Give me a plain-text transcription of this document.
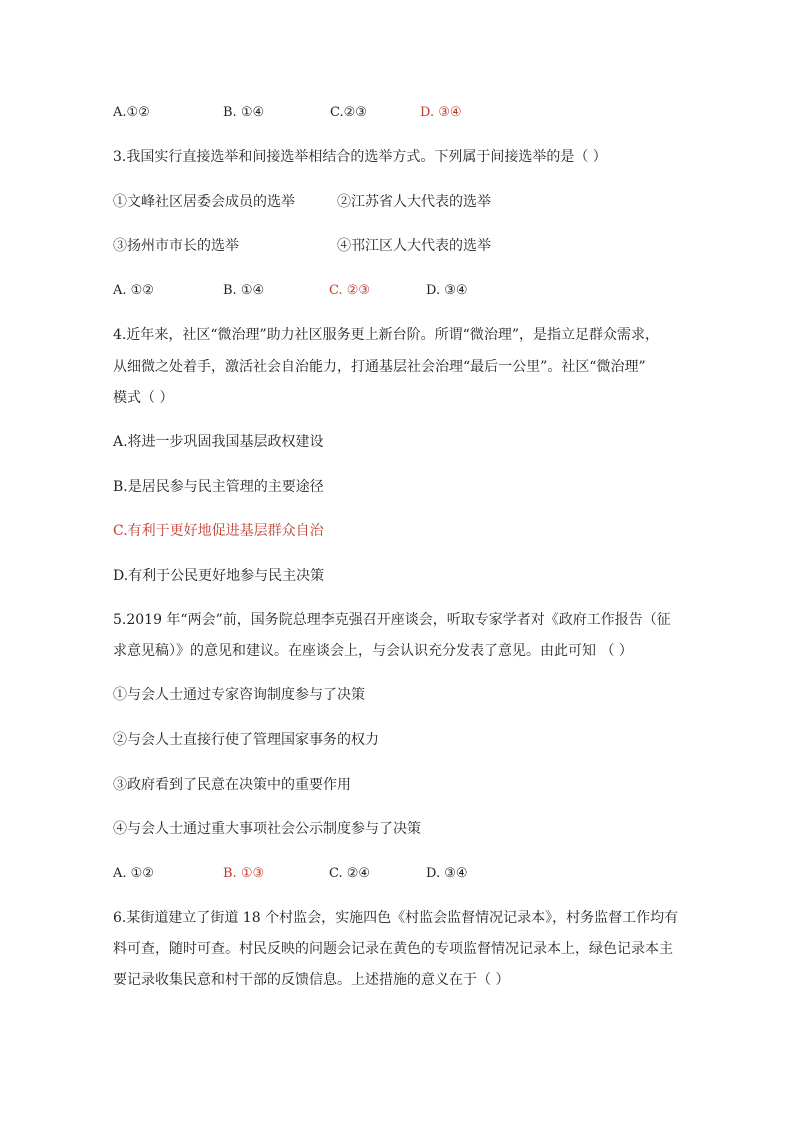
A.①②	B. ①④	C.②③	D. ③④
3.我国实行直接选举和间接选举相结合的选举方式。下列属于间接选举的是（ ）
①文峰社区居委会成员的选举	②江苏省人大代表的选举
③扬州市市长的选举	④邗江区人大代表的选举
A. ①②	B. ①④	C. ②③	D. ③④
4.近年来，社区“微治理”助力社区服务更上新台阶。所谓“微治理”，是指立足群众需求，
从细微之处着手，激活社会自治能力，打通基层社会治理“最后一公里”。社区“微治理”
模式（ ）
A.将进一步巩固我国基层政权建设
B.是居民参与民主管理的主要途径
C.有利于更好地促进基层群众自治
D.有利于公民更好地参与民主决策
5.2019 年“两会”前，国务院总理李克强召开座谈会，听取专家学者对《政府工作报告（征
求意见稿）》的意见和建议。在座谈会上，与会认识充分发表了意见。由此可知 （ ）
①与会人士通过专家咨询制度参与了决策
②与会人士直接行使了管理国家事务的权力
③政府看到了民意在决策中的重要作用
④与会人士通过重大事项社会公示制度参与了决策
A. ①②	B. ①③	C. ②④	D. ③④
6.某街道建立了街道 18 个村监会，实施四色《村监会监督情况记录本》，村务监督工作均有
料可查，随时可查。村民反映的问题会记录在黄色的专项监督情况记录本上，绿色记录本主
要记录收集民意和村干部的反馈信息。上述措施的意义在于（ ）
